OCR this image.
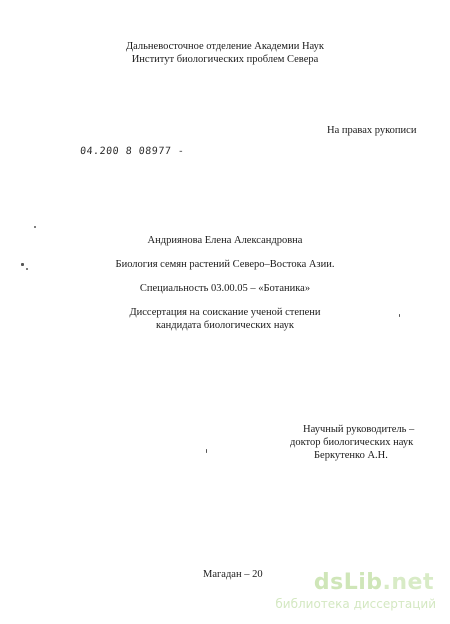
Дальневосточное отделение Академии Наук
Институт биологических проблем Севера
На правах рукописи
04.200 8 08977 -
Андриянова Елена Александровна
Биология семян растений Северо–Востока Азии.
Специальность 03.00.05 – «Ботаника»
Диссертация на соискание ученой степени
кандидата биологических наук
Научный руководитель –
доктор биологических наук
Беркутенко А.Н.
Магадан – 20 dsLib.net
библиотека диссертаций
